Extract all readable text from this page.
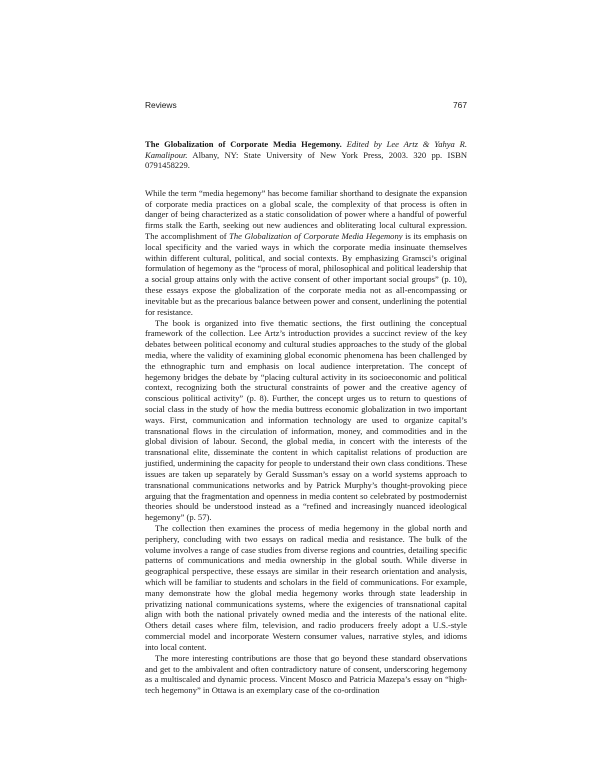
Reviews	767

The Globalization of Corporate Media Hegemony. Edited by Lee Artz & Yahya R. Kamalipour. Albany, NY: State University of New York Press, 2003. 320 pp. ISBN 0791458229.

While the term “media hegemony” has become familiar shorthand to designate the expansion of corporate media practices on a global scale, the complexity of that process is often in danger of being characterized as a static consolidation of power where a handful of powerful firms stalk the Earth, seeking out new audiences and obliterating local cultural expression. The accomplishment of The Globalization of Corporate Media Hegemony is its emphasis on local specificity and the varied ways in which the corporate media insinuate themselves within different cultural, political, and social contexts. By emphasizing Gramsci’s original formulation of hegemony as the “process of moral, philosophical and political leadership that a social group attains only with the active consent of other important social groups” (p. 10), these essays expose the globalization of the corporate media not as all-encompassing or inevitable but as the precarious balance between power and consent, underlining the potential for resistance.

The book is organized into five thematic sections, the first outlining the conceptual framework of the collection. Lee Artz’s introduction provides a succinct review of the key debates between political economy and cultural studies approaches to the study of the global media, where the validity of examining global economic phenomena has been challenged by the ethnographic turn and emphasis on local audience interpretation. The concept of hegemony bridges the debate by “placing cultural activity in its socioeconomic and political context, recognizing both the structural constraints of power and the creative agency of conscious political activity” (p. 8). Further, the concept urges us to return to questions of social class in the study of how the media buttress economic globalization in two important ways. First, communication and information technology are used to organize capital’s transnational flows in the circulation of information, money, and commodities and in the global division of labour. Second, the global media, in concert with the interests of the transnational elite, disseminate the content in which capitalist relations of production are justified, undermining the capacity for people to understand their own class conditions. These issues are taken up separately by Gerald Sussman’s essay on a world systems approach to transnational communications networks and by Patrick Murphy’s thought-provoking piece arguing that the fragmentation and openness in media content so celebrated by postmodernist theories should be understood instead as a “refined and increasingly nuanced ideological hegemony” (p. 57).

The collection then examines the process of media hegemony in the global north and periphery, concluding with two essays on radical media and resistance. The bulk of the volume involves a range of case studies from diverse regions and countries, detailing specific patterns of communications and media ownership in the global south. While diverse in geographical perspective, these essays are similar in their research orientation and analysis, which will be familiar to students and scholars in the field of communications. For example, many demonstrate how the global media hegemony works through state leadership in privatizing national communications systems, where the exigencies of transnational capital align with both the national privately owned media and the interests of the national elite. Others detail cases where film, television, and radio producers freely adopt a U.S.-style commercial model and incorporate Western consumer values, narrative styles, and idioms into local content.

The more interesting contributions are those that go beyond these standard observations and get to the ambivalent and often contradictory nature of consent, underscoring hegemony as a multiscaled and dynamic process. Vincent Mosco and Patricia Mazepa’s essay on “high-tech hegemony” in Ottawa is an exemplary case of the co-ordination
